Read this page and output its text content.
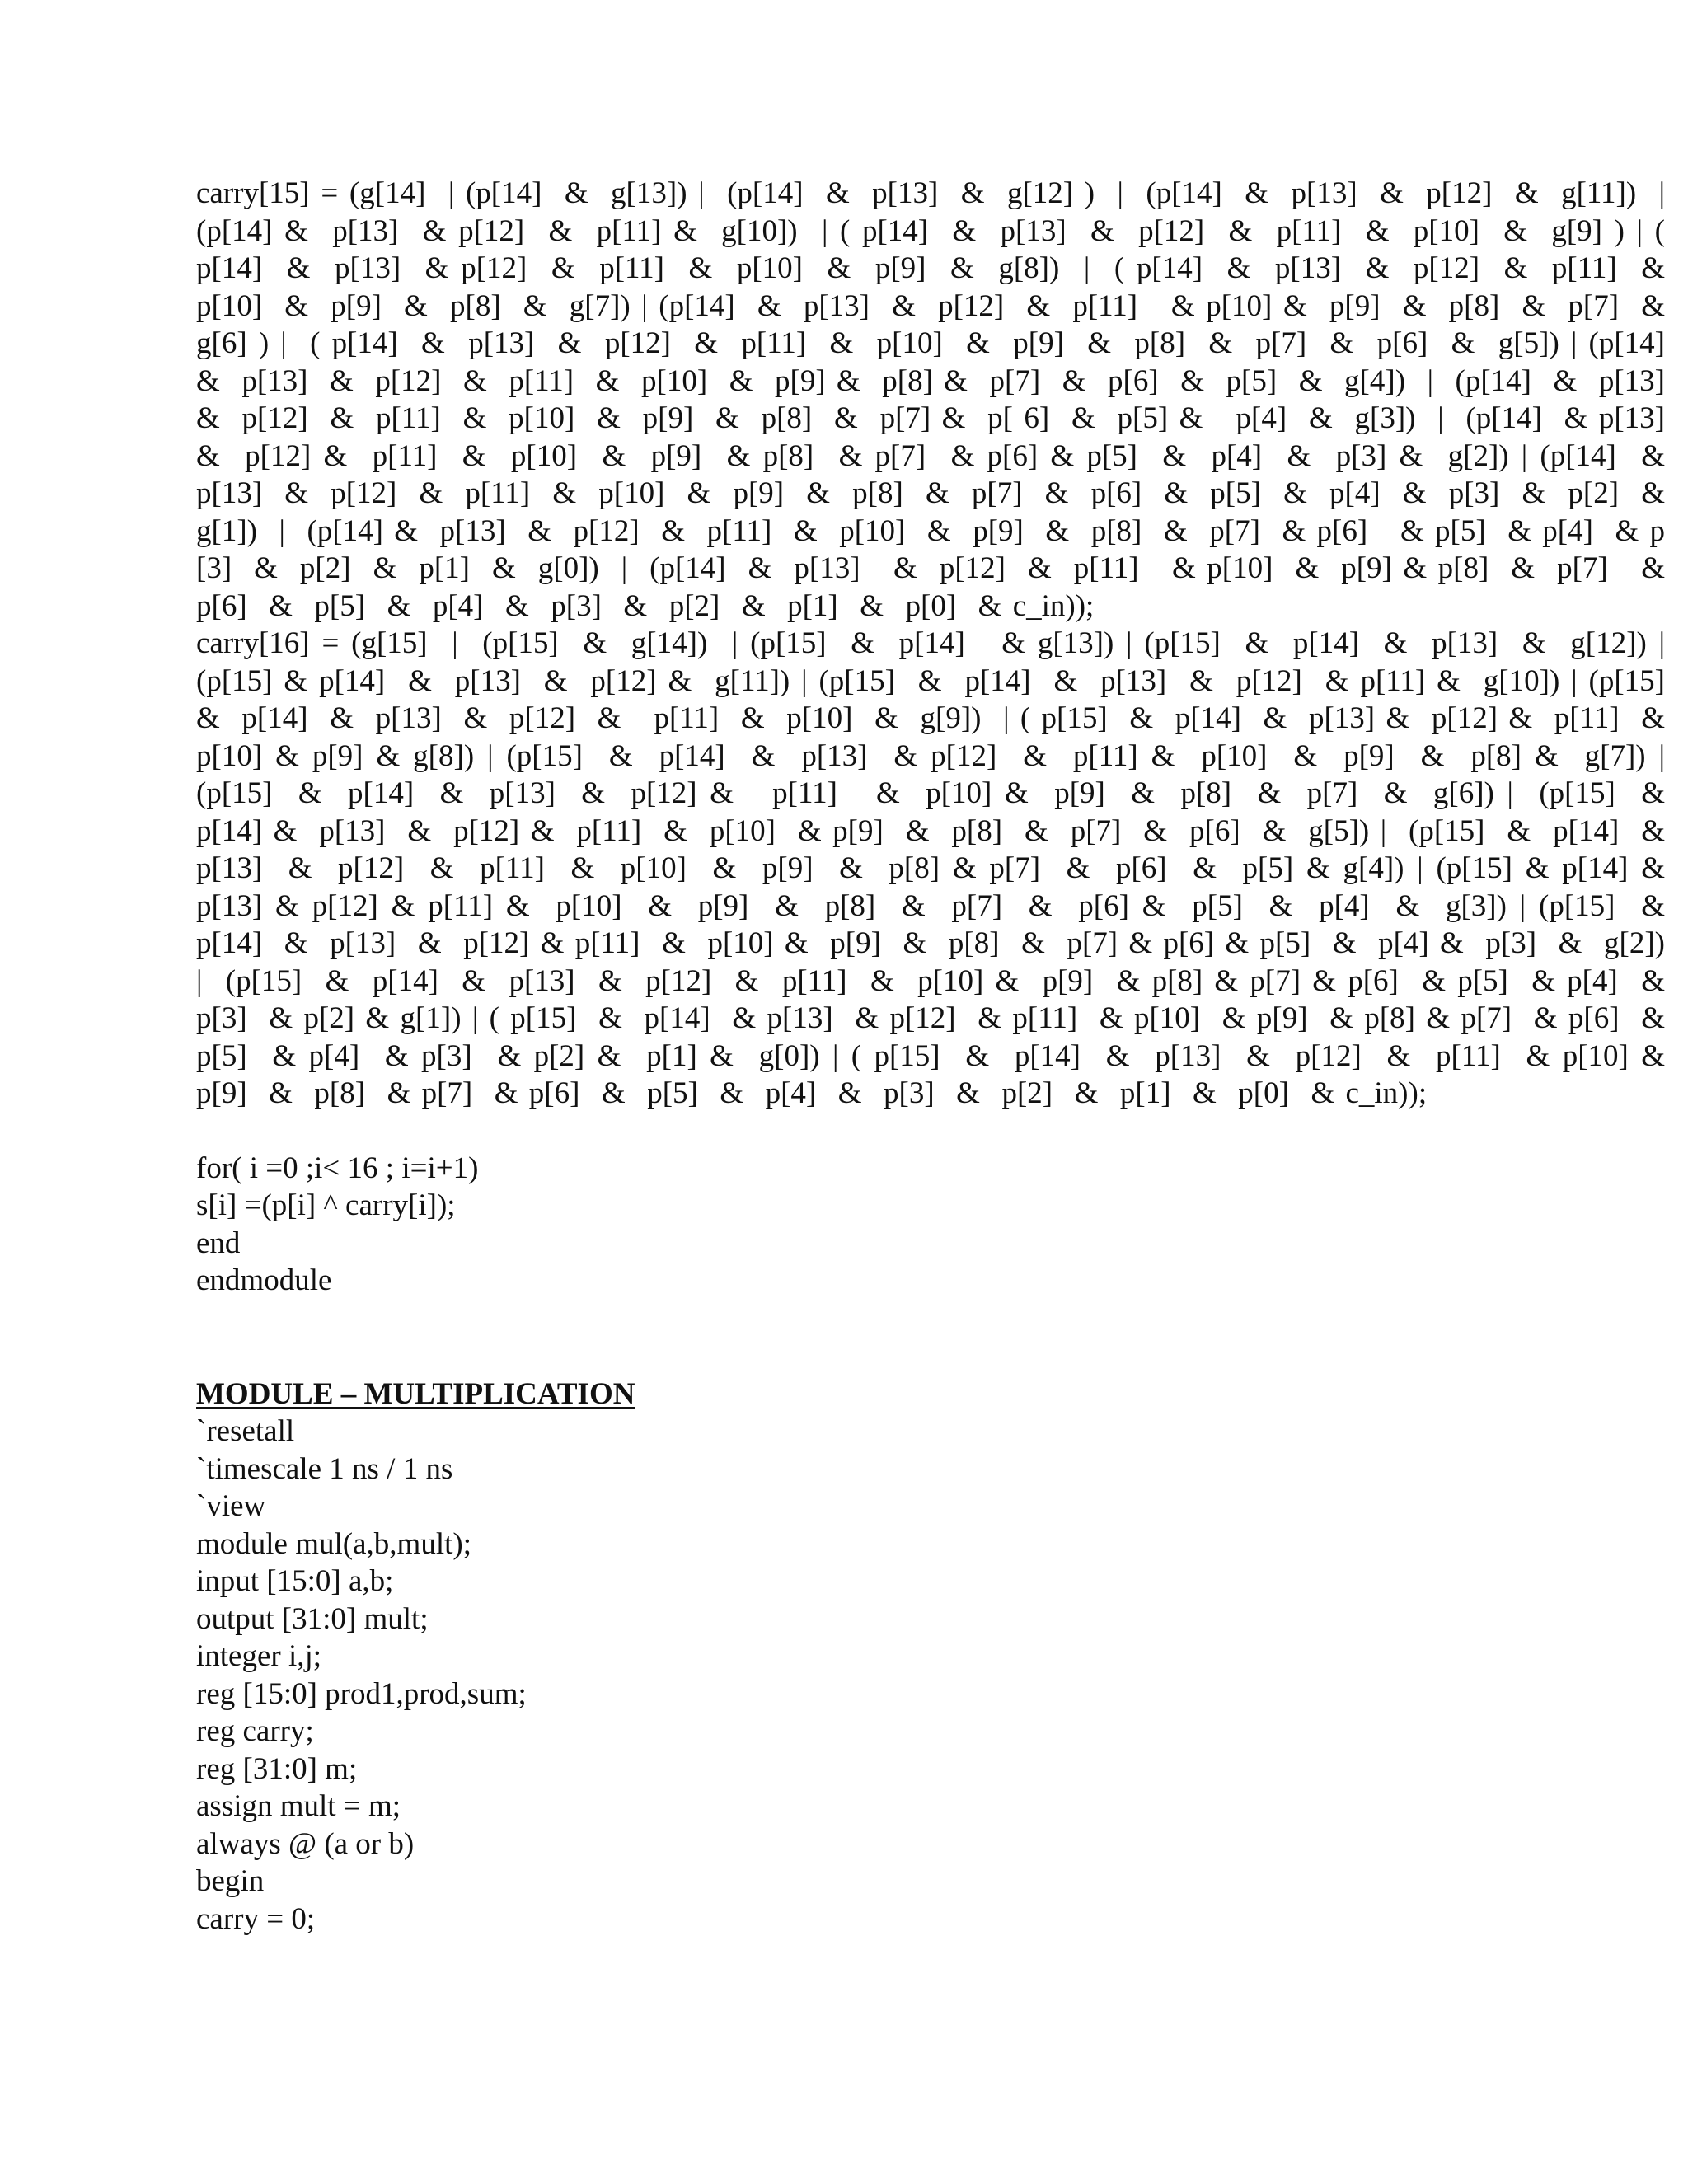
carry[15] = (g[14]  | (p[14]  &  g[13]) |  (p[14]  &  p[13]  &  g[12] )  |  (p[14]  &  p[13]  &  p[12]  &  g[11])  |  (p[14] &  p[13]  & p[12]  &  p[11] &  g[10])  | ( p[14]  &  p[13]  &  p[12]  &  p[11]  &  p[10]  &  g[9] ) | ( p[14]  &  p[13]  & p[12]  &  p[11]  &  p[10]  &  p[9]  &  g[8])  |  ( p[14]  &  p[13]  &  p[12]  &  p[11]  &  p[10]  &  p[9]  &  p[8]  &  g[7]) | (p[14]  &  p[13]  &  p[12]  &  p[11]   & p[10] &  p[9]  &  p[8]  &  p[7]  &  g[6] ) |  ( p[14]  &  p[13]  &  p[12]  &  p[11]  &  p[10]  &  p[9]  &  p[8]  &  p[7]  &  p[6]  &  g[5]) | (p[14]  &  p[13]  &  p[12]  &  p[11]  &  p[10]  &  p[9] &  p[8] &  p[7]  &  p[6]  &  p[5]  &  g[4])  |  (p[14]  &  p[13]  &  p[12]  &  p[11]  &  p[10]  &  p[9]  &  p[8]  &  p[7] &  p[ 6]  &  p[5] &   p[4]  &  g[3])  |  (p[14]  & p[13]  &  p[12] &  p[11]  &  p[10]  &  p[9]  & p[8]  & p[7]  & p[6] & p[5]  &  p[4]  &  p[3] &  g[2]) | (p[14]  &  p[13]  &  p[12]  &  p[11]  &  p[10]  &  p[9]  &  p[8]  &  p[7]  &  p[6]  &  p[5]  &  p[4]  &  p[3]  &  p[2]  &  g[1])  |  (p[14] &  p[13]  &  p[12]  &  p[11]  &  p[10]  &  p[9]  &  p[8]  &  p[7]  & p[6]   & p[5]  & p[4]  & p [3]  &  p[2]  &  p[1]  &  g[0])  |  (p[14]  &  p[13]   &  p[12]  &  p[11]   & p[10]  &  p[9] & p[8]  &  p[7]   & p[6]  &  p[5]  &  p[4]  &  p[3]  &  p[2]  &  p[1]  &  p[0]  & c_in));

carry[16] = (g[15]  |  (p[15]  &  g[14])  | (p[15]  &  p[14]   & g[13]) | (p[15]  &  p[14]  &  p[13]  &  g[12]) |  (p[15] & p[14]  &  p[13]  &  p[12] &  g[11]) | (p[15]  &  p[14]  &  p[13]  &  p[12]  & p[11] &  g[10]) | (p[15]  &  p[14]  &  p[13]  &  p[12]  &   p[11]  &  p[10]  &  g[9])  | ( p[15]  &  p[14]  &  p[13] &  p[12] &  p[11]  &  p[10] & p[9] & g[8]) | (p[15]  &  p[14]  &  p[13]  & p[12]  &  p[11] &  p[10]  &  p[9]  &  p[8] &  g[7]) | (p[15]  &  p[14]  &  p[13]  &  p[12] &   p[11]   &  p[10] &  p[9]  &  p[8]  &  p[7]  &  g[6]) |  (p[15]  &  p[14] &  p[13]  &  p[12] &  p[11]  &  p[10]  & p[9]  &  p[8]  &  p[7]  &  p[6]  &  g[5]) |  (p[15]  &  p[14]  &  p[13]  &  p[12]  &  p[11]  &  p[10]  &  p[9]  &  p[8] & p[7]  &  p[6]  &  p[5] & g[4]) | (p[15] & p[14] &  p[13] & p[12] & p[11] &  p[10]  &  p[9]  &  p[8]  &  p[7]  &  p[6] &  p[5]  &  p[4]  &  g[3]) | (p[15]  &  p[14]  &  p[13]  &  p[12] & p[11]  &  p[10] &  p[9]  &  p[8]  &  p[7] & p[6] & p[5]  &  p[4] &  p[3]  &  g[2])  |  (p[15]  &  p[14]  &  p[13]  &  p[12]  &  p[11]  &  p[10] &  p[9]  & p[8] & p[7] & p[6]  & p[5]  & p[4]  & p[3]  & p[2] & g[1]) | ( p[15]  &  p[14]  & p[13]  & p[12]  & p[11]  & p[10]  & p[9]  & p[8] & p[7]  & p[6]  & p[5]  & p[4]  & p[3]  & p[2] &  p[1] &  g[0]) | ( p[15]  &  p[14]  &  p[13]  &  p[12]  &  p[11]  & p[10] &  p[9]  &  p[8]  & p[7]  & p[6]  &  p[5]  &  p[4]  &  p[3]  &  p[2]  &  p[1]  &  p[0]  & c_in));

for( i =0 ;i< 16 ; i=i+1)
s[i] =(p[i] ^ carry[i]);
end
endmodule
MODULE – MULTIPLICATION
`resetall
`timescale 1 ns / 1 ns
`view
module mul(a,b,mult);
input [15:0] a,b;
output [31:0] mult;
integer i,j;
reg [15:0] prod1,prod,sum;
reg carry;
reg [31:0] m;
assign mult = m;
always @ (a or b)
begin
carry = 0;
